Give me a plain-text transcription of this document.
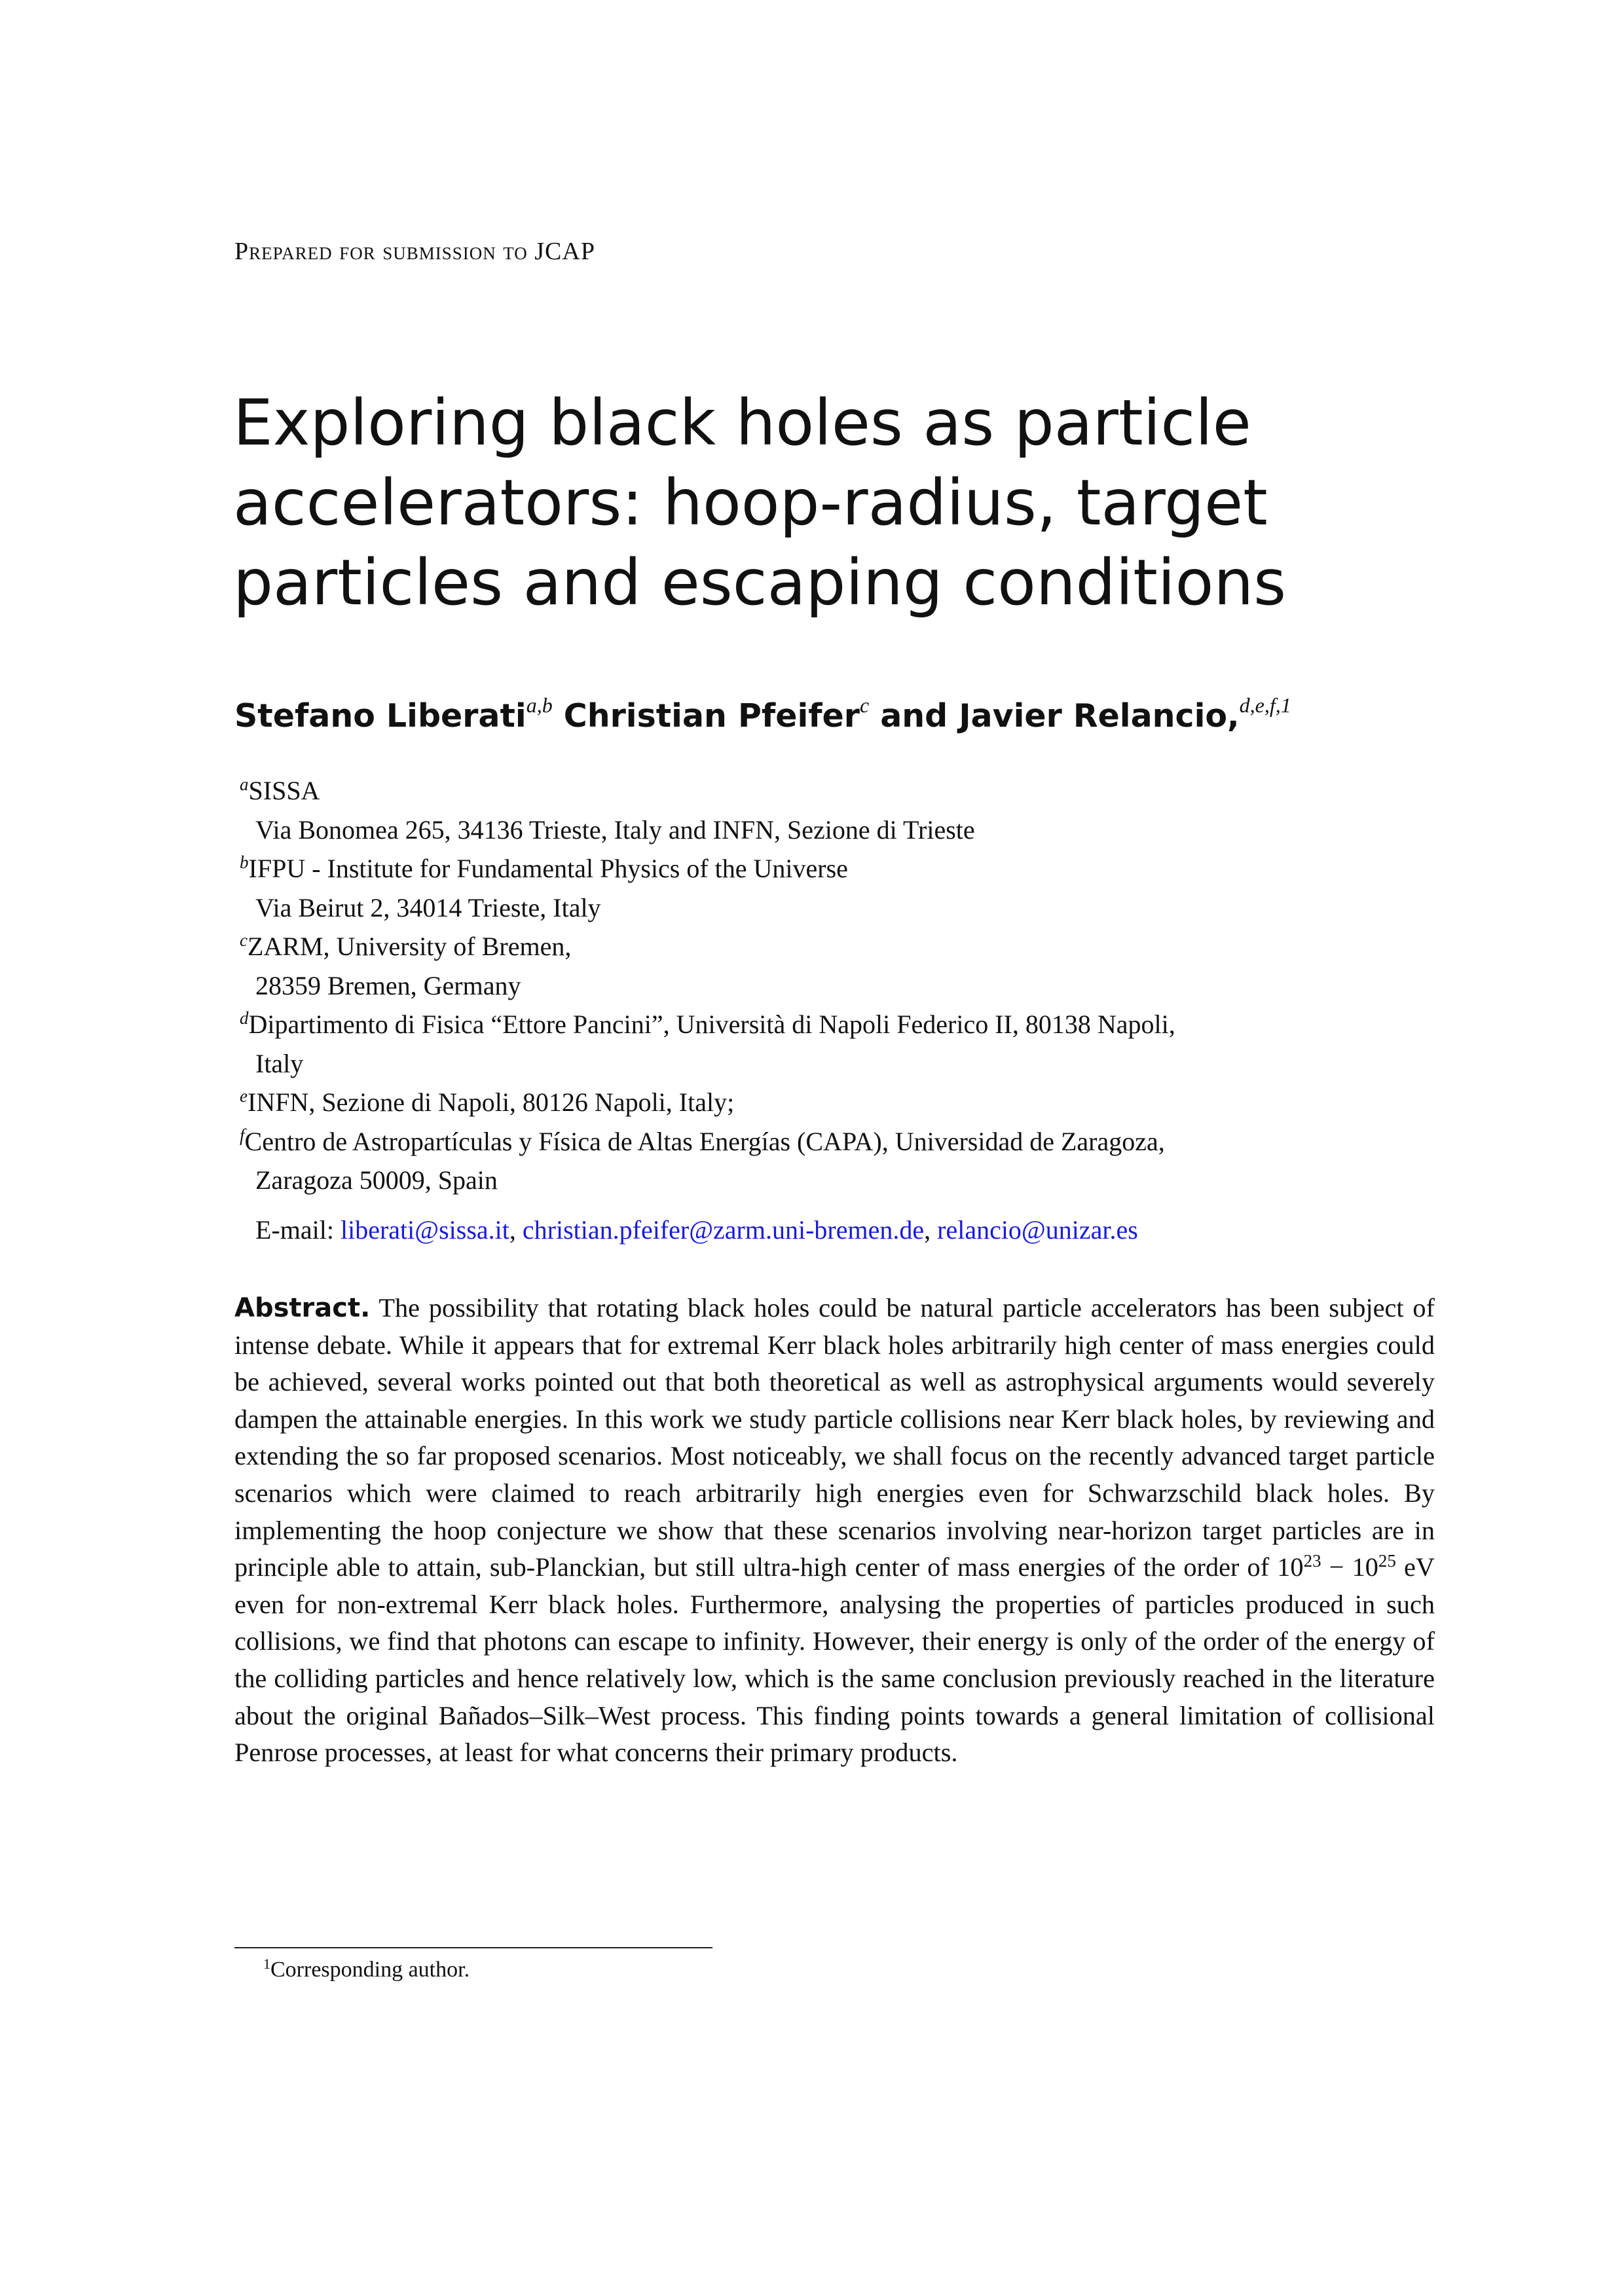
Prepared for submission to JCAP
Exploring black holes as particle
accelerators: hoop-radius, target
particles and escaping conditions
Stefano Liberati$^{a,b}$ Christian Pfeifer$^c$ and Javier Relancio,$^{d,e,f,1}$
$^a$SISSA
Via Bonomea 265, 34136 Trieste, Italy and INFN, Sezione di Trieste
$^b$IFPU - Institute for Fundamental Physics of the Universe
Via Beirut 2, 34014 Trieste, Italy
$^c$ZARM, University of Bremen,
28359 Bremen, Germany
$^d$Dipartimento di Fisica “Ettore Pancini”, Università di Napoli Federico II, 80138 Napoli,
Italy
$^e$INFN, Sezione di Napoli, 80126 Napoli, Italy;
$^f$Centro de Astropartículas y Física de Altas Energías (CAPA), Universidad de Zaragoza,
Zaragoza 50009, Spain
E-mail: liberati@sissa.it, christian.pfeifer@zarm.uni-bremen.de, relancio@unizar.es
Abstract. The possibility that rotating black holes could be natural particle accelerators has been subject of intense debate. While it appears that for extremal Kerr black holes arbitrarily high center of mass energies could be achieved, several works pointed out that both theoretical as well as astrophysical arguments would severely dampen the attainable energies. In this work we study particle collisions near Kerr black holes, by reviewing and extending the so far proposed scenarios. Most noticeably, we shall focus on the recently advanced target particle scenarios which were claimed to reach arbitrarily high energies even for Schwarzschild black holes. By implementing the hoop conjecture we show that these scenarios involving near-horizon target particles are in principle able to attain, sub-Planckian, but still ultra-high center of mass energies of the order of $10^{23} - 10^{25}$ eV even for non-extremal Kerr black holes. Furthermore, analysing the properties of particles produced in such collisions, we find that photons can escape to infinity. However, their energy is only of the order of the energy of the colliding particles and hence relatively low, which is the same conclusion previously reached in the literature about the original Bañados–Silk–West process. This finding points towards a general limitation of collisional Penrose processes, at least for what concerns their primary products.
$^1$Corresponding author.
